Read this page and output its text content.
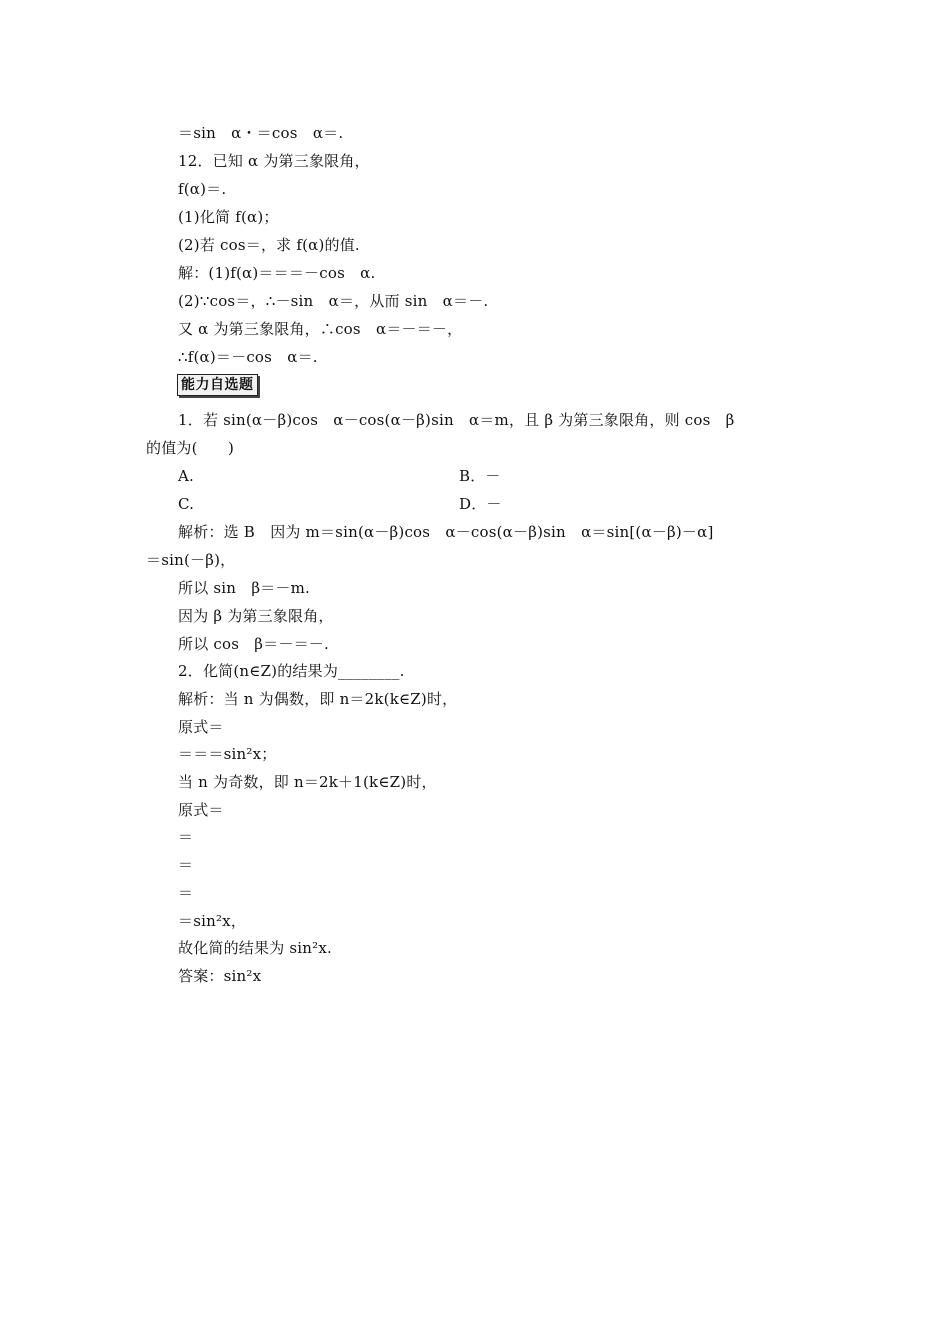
＝sin　α・＝cos　α＝.
12．已知 α 为第三象限角，
f(α)＝.
(1)化简 f(α)；
(2)若 cos＝，求 f(α)的值.
解：(1)f(α)＝＝＝－cos　α.
(2)∵cos＝，∴－sin　α＝，从而 sin　α＝－.
又 α 为第三象限角，∴cos　α＝－＝－，
∴f(α)＝－cos　α＝.
能力自选题
1．若 sin(α－β)cos　α－cos(α－β)sin　α＝m，且 β 为第三象限角，则 cos　β
的值为(　　)
A.	B．－
C.	D．－
解析：选 B　因为 m＝sin(α－β)cos　α－cos(α－β)sin　α＝sin[(α－β)－α]
＝sin(－β)，
所以 sin　β＝－m.
因为 β 为第三象限角，
所以 cos　β＝－＝－.
2．化简(n∈Z)的结果为________.
解析：当 n 为偶数，即 n＝2k(k∈Z)时，
原式＝
＝＝＝sin²x；
当 n 为奇数，即 n＝2k＋1(k∈Z)时，
原式＝
＝
＝
＝
＝sin²x，
故化简的结果为 sin²x.
答案：sin²x
